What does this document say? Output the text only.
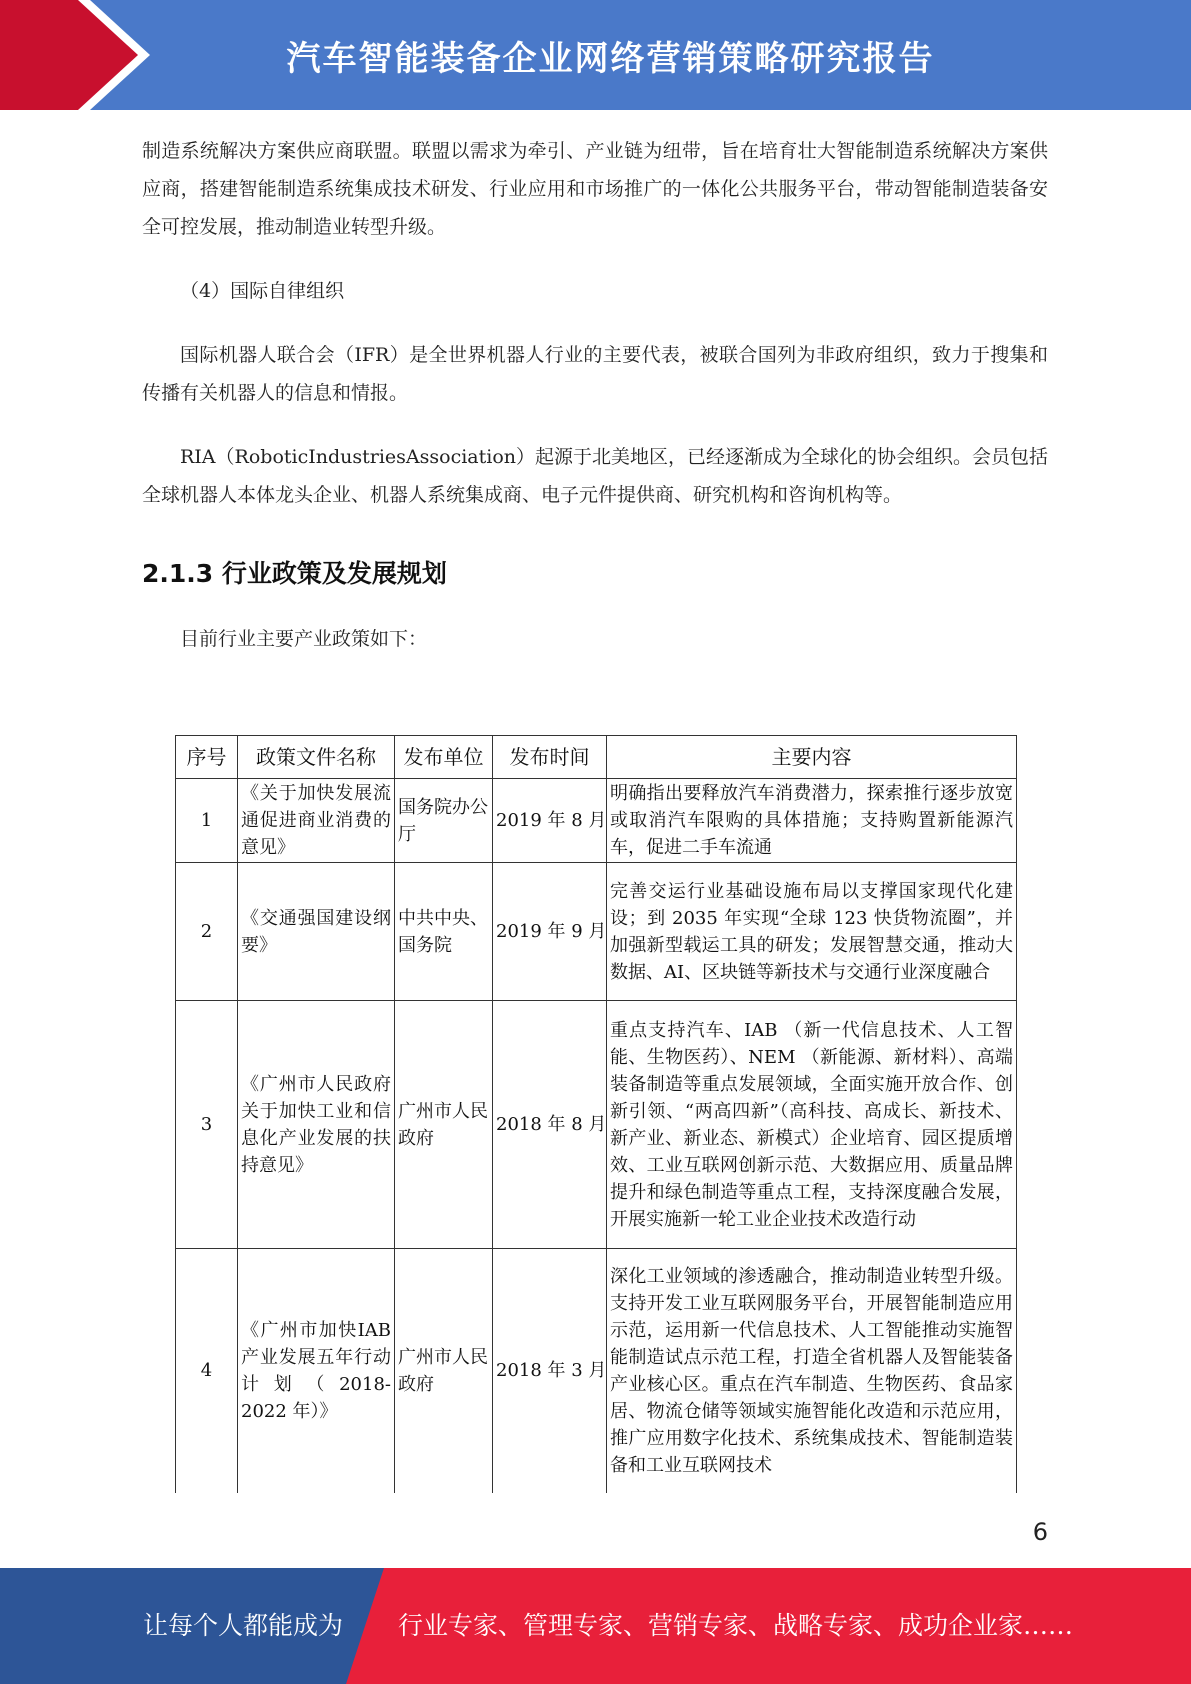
汽车智能装备企业网络营销策略研究报告

制造系统解决方案供应商联盟。联盟以需求为牵引、产业链为纽带，旨在培育壮大智能制造系统解决方案供应商，搭建智能制造系统集成技术研发、行业应用和市场推广的一体化公共服务平台，带动智能制造装备安全可控发展，推动制造业转型升级。

（4）国际自律组织

国际机器人联合会（IFR）是全世界机器人行业的主要代表，被联合国列为非政府组织，致力于搜集和传播有关机器人的信息和情报。

RIA（RoboticIndustriesAssociation）起源于北美地区，已经逐渐成为全球化的协会组织。会员包括全球机器人本体龙头企业、机器人系统集成商、电子元件提供商、研究机构和咨询机构等。

2.1.3 行业政策及发展规划

目前行业主要产业政策如下：

序号	政策文件名称	发布单位	发布时间	主要内容
1	《关于加快发展流通促进商业消费的意见》	国务院办公厅	2019 年 8 月	明确指出要释放汽车消费潜力，探索推行逐步放宽或取消汽车限购的具体措施；支持购置新能源汽车，促进二手车流通
2	《交通强国建设纲要》	中共中央、国务院	2019 年 9 月	完善交运行业基础设施布局以支撑国家现代化建设；到 2035 年实现“全球 123 快货物流圈”，并加强新型载运工具的研发；发展智慧交通，推动大数据、AI、区块链等新技术与交通行业深度融合
3	《广州市人民政府关于加快工业和信息化产业发展的扶持意见》	广州市人民政府	2018 年 8 月	重点支持汽车、IAB （新一代信息技术、人工智能、生物医药）、NEM （新能源、新材料）、高端装备制造等重点发展领域，全面实施开放合作、创新引领、“两高四新”（高科技、高成长、新技术、新产业、新业态、新模式）企业培育、园区提质增效、工业互联网创新示范、大数据应用、质量品牌提升和绿色制造等重点工程，支持深度融合发展，开展实施新一轮工业企业技术改造行动
4	《广州市加快IAB 产业发展五年行动计划（2018-2022 年）》	广州市人民政府	2018 年 3 月	深化工业领域的渗透融合，推动制造业转型升级。支持开发工业互联网服务平台，开展智能制造应用示范，运用新一代信息技术、人工智能推动实施智能制造试点示范工程，打造全省机器人及智能装备产业核心区。重点在汽车制造、生物医药、食品家居、物流仓储等领域实施智能化改造和示范应用，推广应用数字化技术、系统集成技术、智能制造装备和工业互联网技术
6
让每个人都能成为 行业专家、管理专家、营销专家、战略专家、成功企业家……
